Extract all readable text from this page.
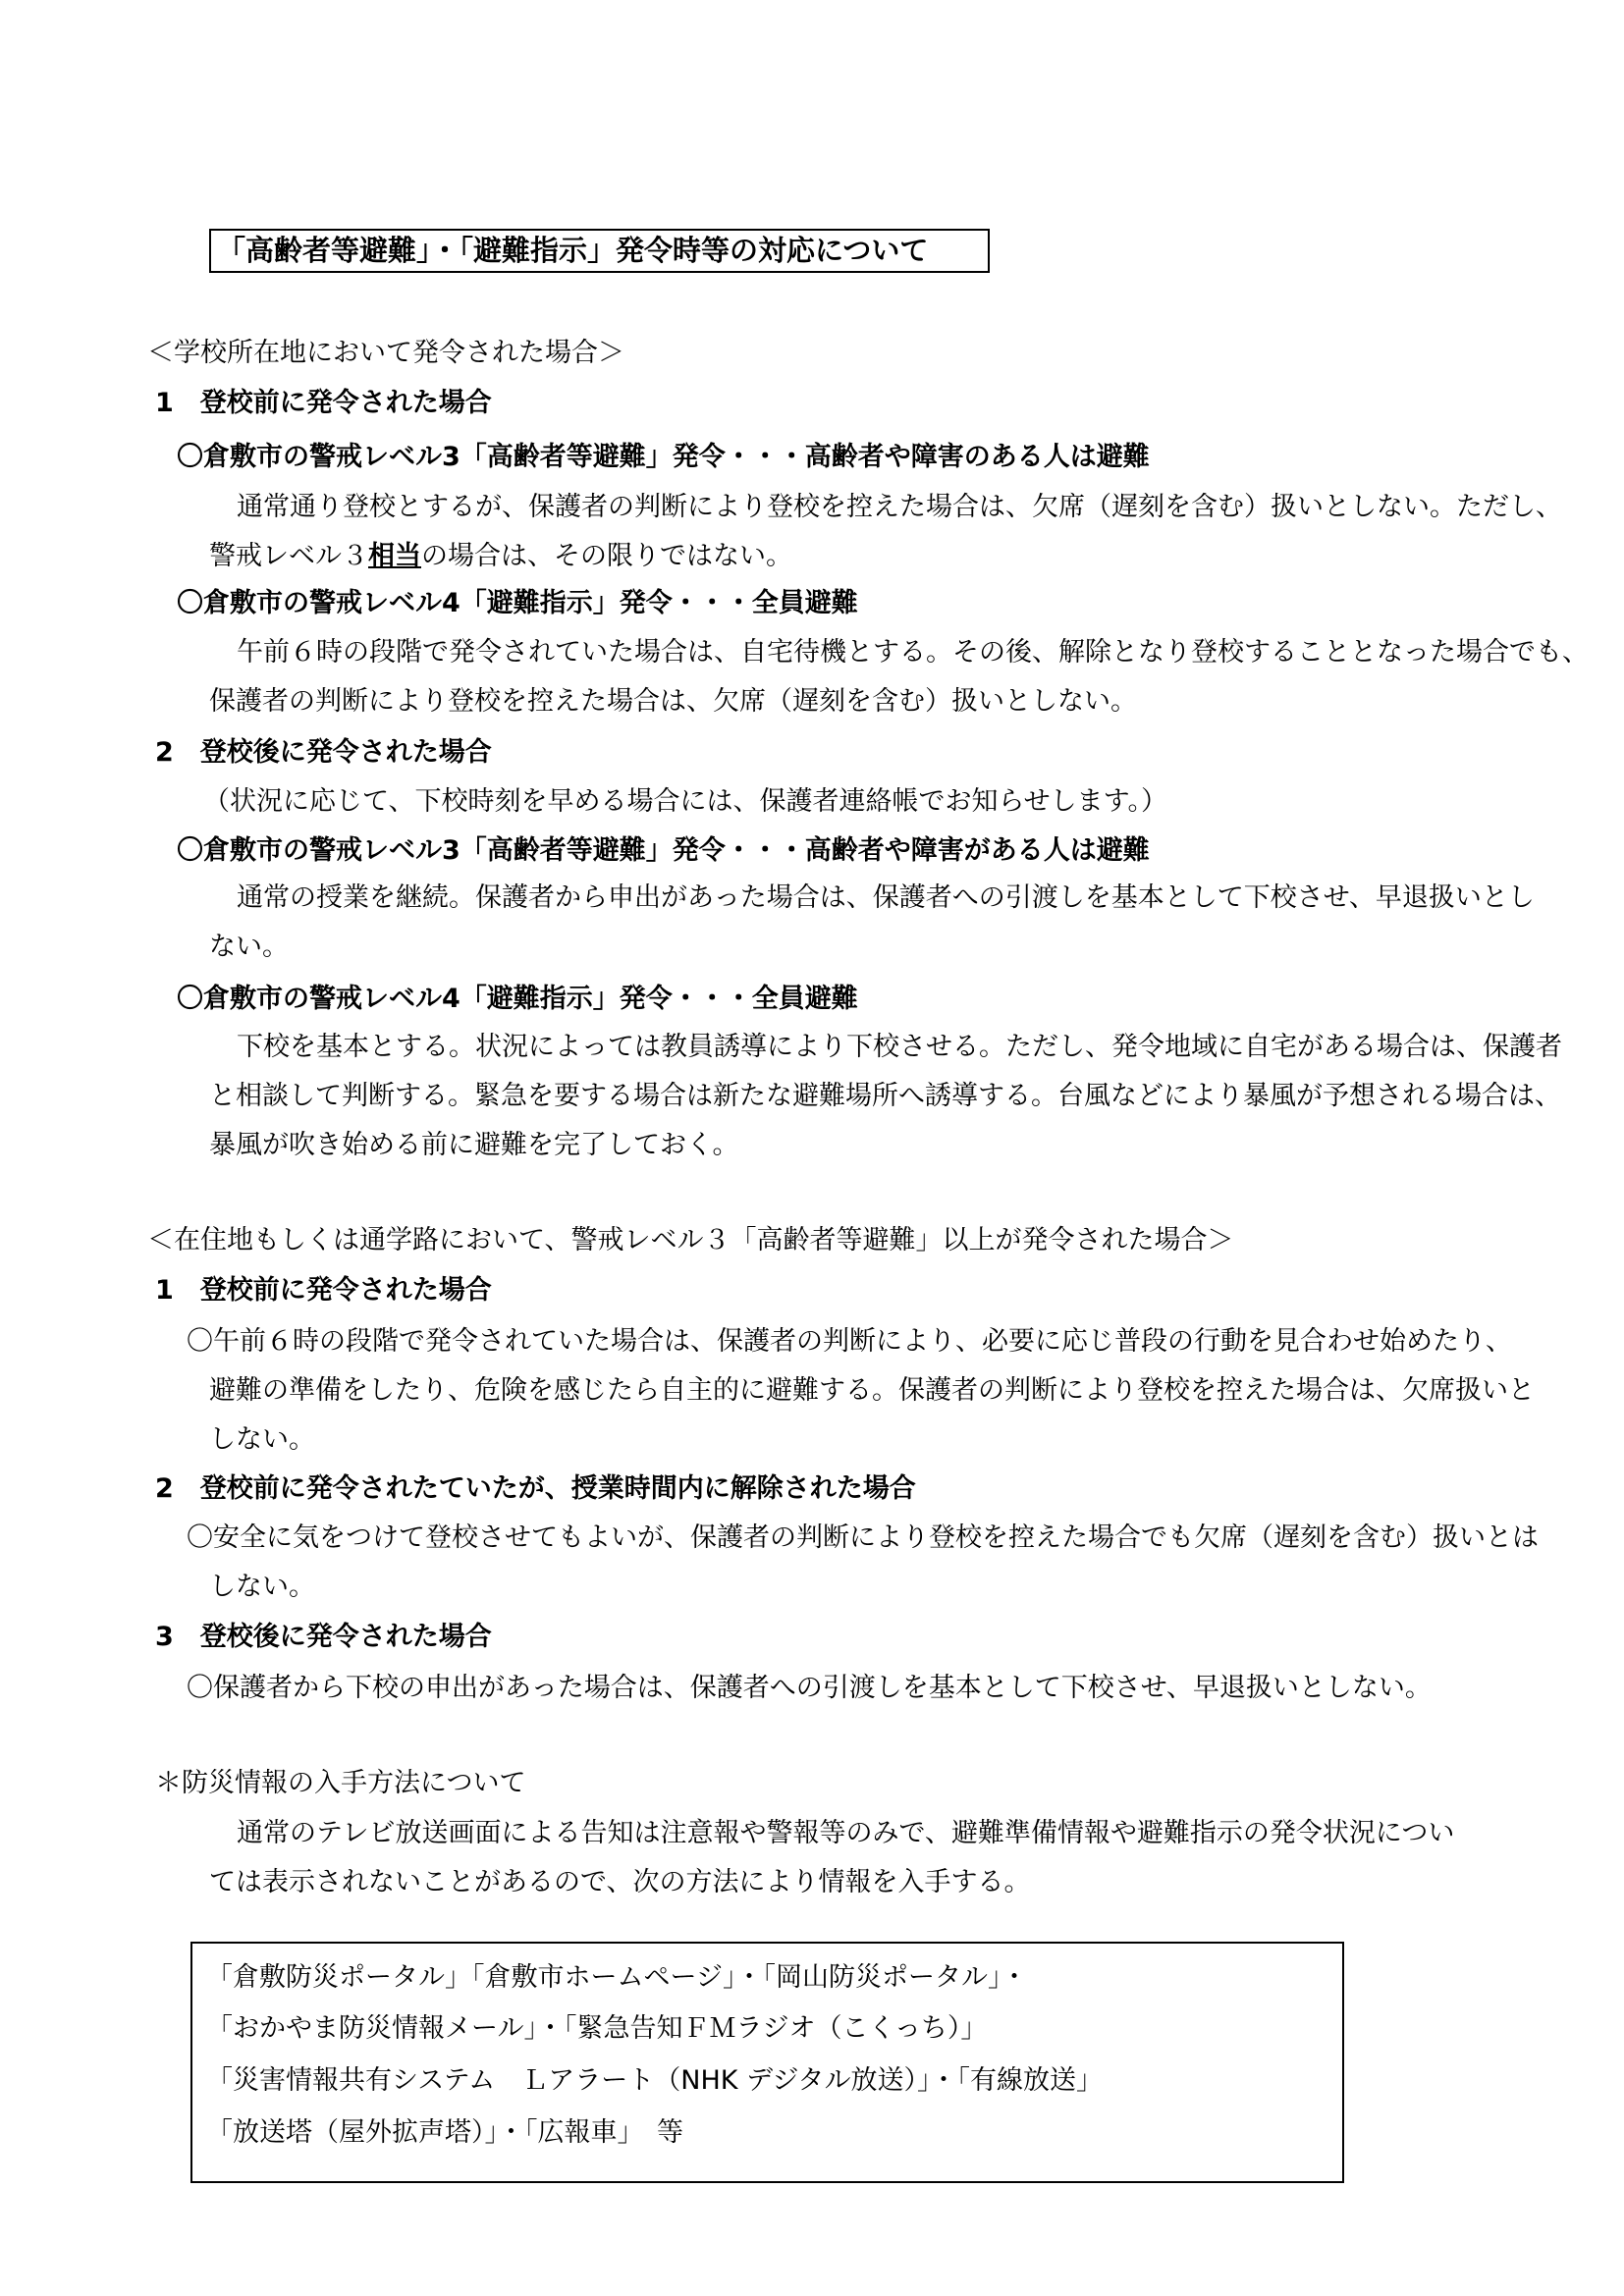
「高齢者等避難」・「避難指示」発令時等の対応について
＜学校所在地において発令された場合＞
1　登校前に発令された場合
〇倉敷市の警戒レベル3「高齢者等避難」発令・・・高齢者や障害のある人は避難
通常通り登校とするが、保護者の判断により登校を控えた場合は、欠席（遅刻を含む）扱いとしない。ただし、
警戒レベル３相当の場合は、その限りではない。
〇倉敷市の警戒レベル4「避難指示」発令・・・全員避難
午前６時の段階で発令されていた場合は、自宅待機とする。その後、解除となり登校することとなった場合でも、
保護者の判断により登校を控えた場合は、欠席（遅刻を含む）扱いとしない。
2　登校後に発令された場合
（状況に応じて、下校時刻を早める場合には、保護者連絡帳でお知らせします。）
〇倉敷市の警戒レベル3「高齢者等避難」発令・・・高齢者や障害がある人は避難
通常の授業を継続。保護者から申出があった場合は、保護者への引渡しを基本として下校させ、早退扱いとし
ない。
〇倉敷市の警戒レベル4「避難指示」発令・・・全員避難
下校を基本とする。状況によっては教員誘導により下校させる。ただし、発令地域に自宅がある場合は、保護者
と相談して判断する。緊急を要する場合は新たな避難場所へ誘導する。台風などにより暴風が予想される場合は、
暴風が吹き始める前に避難を完了しておく。
＜在住地もしくは通学路において、警戒レベル３「高齢者等避難」以上が発令された場合＞
1　登校前に発令された場合
〇午前６時の段階で発令されていた場合は、保護者の判断により、必要に応じ普段の行動を見合わせ始めたり、
避難の準備をしたり、危険を感じたら自主的に避難する。保護者の判断により登校を控えた場合は、欠席扱いと
しない。
2　登校前に発令されたていたが、授業時間内に解除された場合
〇安全に気をつけて登校させてもよいが、保護者の判断により登校を控えた場合でも欠席（遅刻を含む）扱いとは
しない。
3　登校後に発令された場合
〇保護者から下校の申出があった場合は、保護者への引渡しを基本として下校させ、早退扱いとしない。
＊防災情報の入手方法について
通常のテレビ放送画面による告知は注意報や警報等のみで、避難準備情報や避難指示の発令状況につい
ては表示されないことがあるので、次の方法により情報を入手する。
「倉敷防災ポータル」「倉敷市ホームページ」・「岡山防災ポータル」・
「おかやま防災情報メール」・「緊急告知ＦＭラジオ（こくっち）」
「災害情報共有システム　Ｌアラート（NHK デジタル放送）」・「有線放送」
「放送塔（屋外拡声塔）」・「広報車」　等
